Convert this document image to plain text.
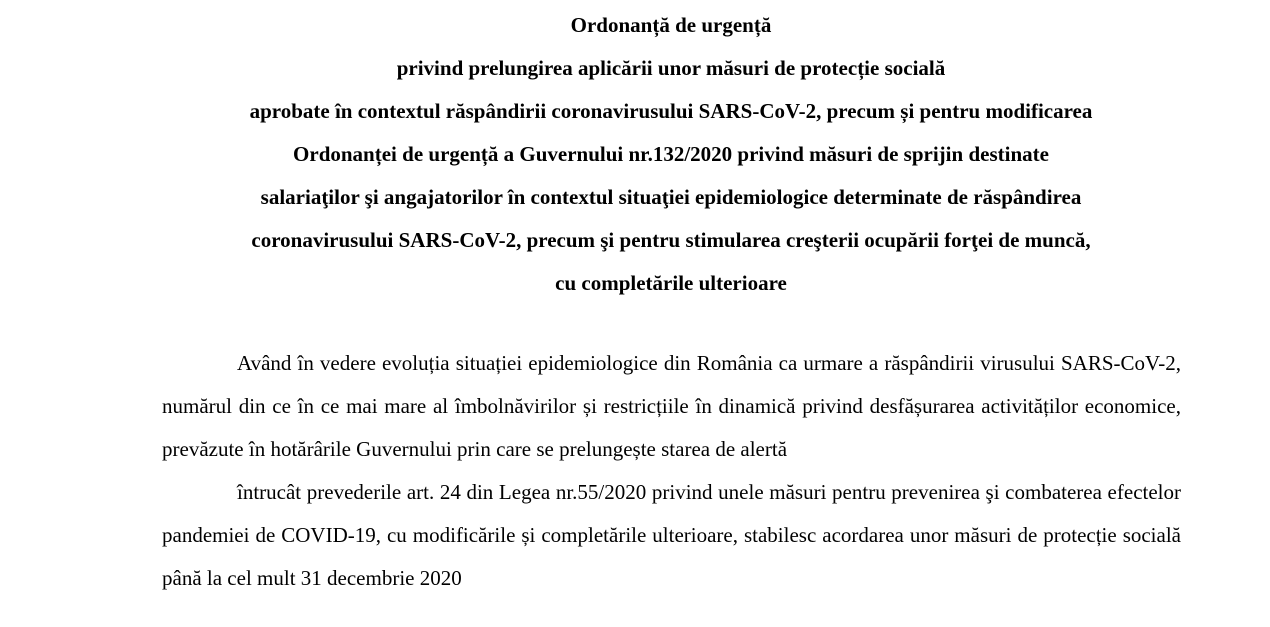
Ordonanță de urgență
privind prelungirea aplicării unor măsuri de protecție socială
aprobate în contextul răspândirii coronavirusului SARS-CoV-2, precum și pentru modificarea
Ordonanței de urgență a Guvernului nr.132/2020 privind măsuri de sprijin destinate
salariaţilor şi angajatorilor în contextul situaţiei epidemiologice determinate de răspândirea
coronavirusului SARS-CoV-2, precum şi pentru stimularea creşterii ocupării forţei de muncă,
cu completările ulterioare

Având în vedere evoluția situației epidemiologice din România ca urmare a răspândirii virusului SARS-CoV-2, numărul din ce în ce mai mare al îmbolnăvirilor și restricțiile în dinamică privind desfășurarea activităților economice, prevăzute în hotărârile Guvernului prin care se prelungește starea de alertă

întrucât prevederile art. 24 din Legea nr.55/2020 privind unele măsuri pentru prevenirea şi combaterea efectelor pandemiei de COVID-19, cu modificările și completările ulterioare, stabilesc acordarea unor măsuri de protecție socială până la cel mult 31 decembrie 2020
